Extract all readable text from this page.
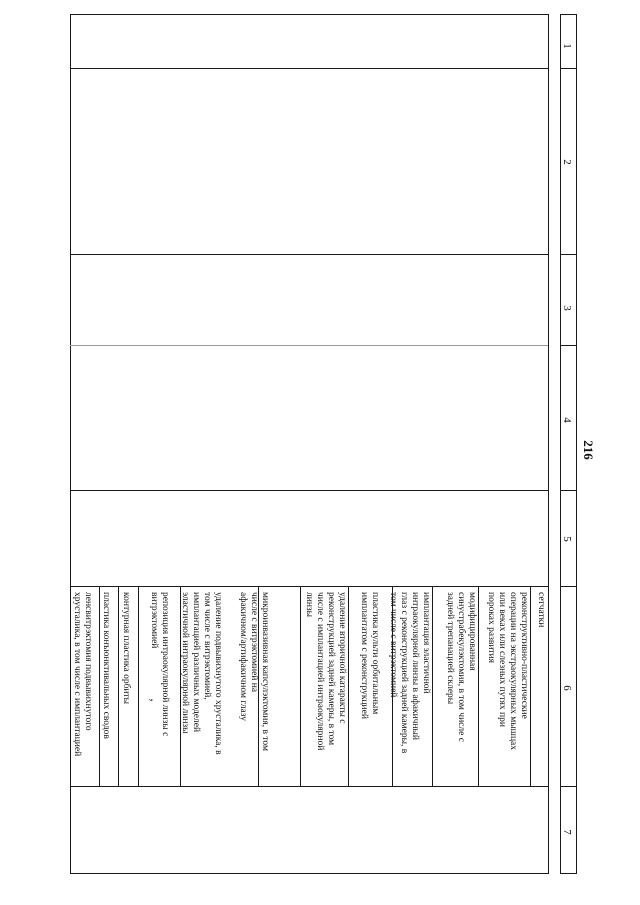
216
1
2
3
4
5
6
7
сетчатки
реконструктивно-пластические
операции на экстраокулярных мышцах
или веках или слезных путях при
пороках развития
модифицированная
синустрабекулэктомия, в том числе с
задней трепанацией склеры
имплантация эластичной
интраокулярной линзы в афакичный
глаз с реконструкцией задней камеры, в
том числе с витрэктомией
пластика культи орбитальным
имплантатом с реконструкцией
удаление вторичной катаракты с
реконструкцией задней камеры, в том
числе с имплантацией интраокулярной
линзы
микроинвазивная капсулэктомия, в том
числе с витрэктомией на
афакичном/артифакичном глазу
удаление подвывихнутого хрусталика, в
том числе с витрэктомией,
имплантацией различных моделей
эластичной интраокулярной линзы
репозиция интраокулярной линзы с
витрэктомией
,
контурная пластика орбиты
пластика конъюнктивальных сводов
ленсвитрэктомия подвывихнутого
хрусталика, в том числе с имплантацией
